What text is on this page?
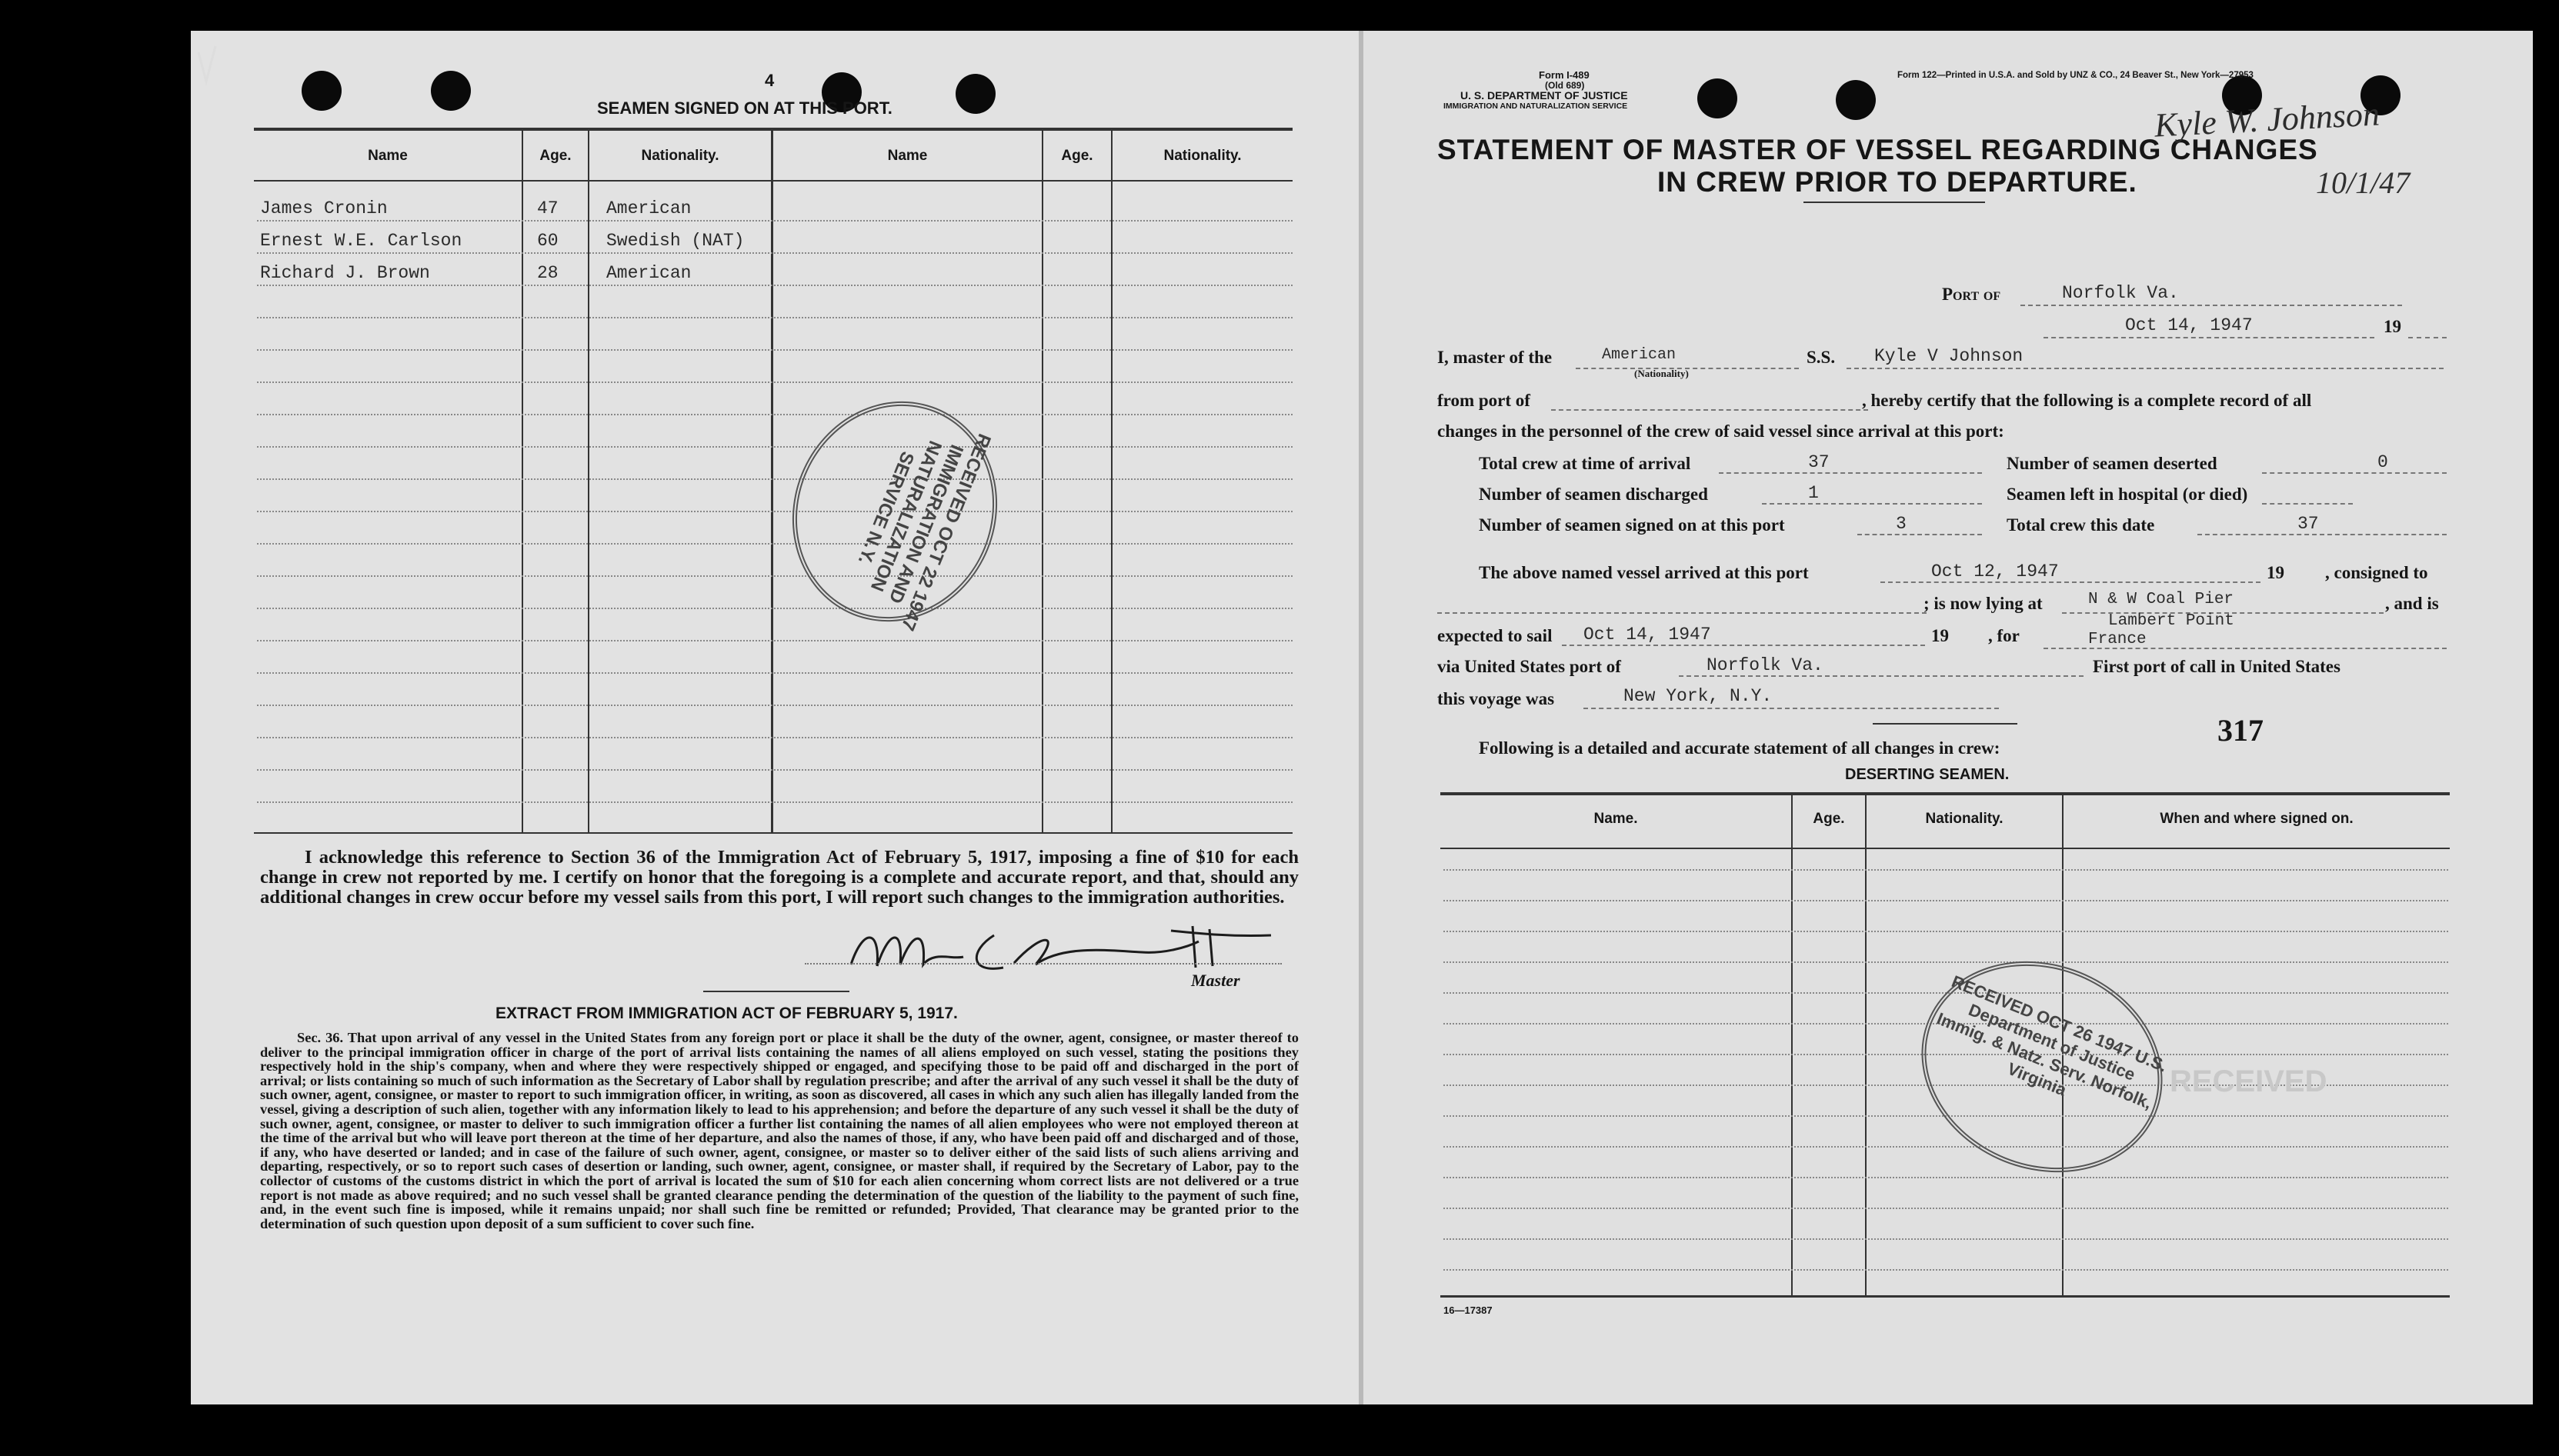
4
SEAMEN SIGNED ON AT THIS PORT.
Name	Age.	Nationality.	Name	Age.	Nationality.
James Cronin	47	American
Ernest W.E. Carlson	60	Swedish (NAT)
Richard J. Brown	28	American
RECEIVED OCT 22 1947 IMMIGRATION AND NATURALIZATION SERVICE N.Y.
I acknowledge this reference to Section 36 of the Immigration Act of February 5, 1917, imposing a fine of $10 for each change in crew not reported by me. I certify on honor that the foregoing is a complete and accurate report, and that, should any additional changes in crew occur before my vessel sails from this port, I will report such changes to the immigration authorities.
Master
EXTRACT FROM IMMIGRATION ACT OF FEBRUARY 5, 1917.
Sec. 36. That upon arrival of any vessel in the United States from any foreign port or place it shall be the duty of the owner, agent, consignee, or master thereof to deliver to the principal immigration officer in charge of the port of arrival lists containing the names of all aliens employed on such vessel, stating the positions they respectively hold in the ship's company, when and where they were respectively shipped or engaged, and specifying those to be paid off and discharged in the port of arrival; or lists containing so much of such information as the Secretary of Labor shall by regulation prescribe; and after the arrival of any such vessel it shall be the duty of such owner, agent, consignee, or master to report to such immigration officer, in writing, as soon as discovered, all cases in which any such alien has illegally landed from the vessel, giving a description of such alien, together with any information likely to lead to his apprehension; and before the departure of any such vessel it shall be the duty of such owner, agent, consignee, or master to deliver to such immigration officer a further list containing the names of all alien employees who were not employed thereon at the time of the arrival but who will leave port thereon at the time of her departure, and also the names of those, if any, who have been paid off and discharged and of those, if any, who have deserted or landed; and in case of the failure of such owner, agent, consignee, or master so to deliver either of the said lists of such aliens arriving and departing, respectively, or so to report such cases of desertion or landing, such owner, agent, consignee, or master shall, if required by the Secretary of Labor, pay to the collector of customs of the customs district in which the port of arrival is located the sum of $10 for each alien concerning whom correct lists are not delivered or a true report is not made as above required; and no such vessel shall be granted clearance pending the determination of the question of the liability to the payment of such fine, and, in the event such fine is imposed, while it remains unpaid; nor shall such fine be remitted or refunded; Provided, That clearance may be granted prior to the determination of such question upon deposit of a sum sufficient to cover such fine.
Form I-489
(Old 689)
U. S. DEPARTMENT OF JUSTICE
IMMIGRATION AND NATURALIZATION SERVICE
Form 122—Printed in U.S.A. and Sold by UNZ & CO., 24 Beaver St., New York—27953
STATEMENT OF MASTER OF VESSEL REGARDING CHANGES
IN CREW PRIOR TO DEPARTURE.
Kyle W. Johnson
10/1/47
Port of	Norfolk Va.
Oct 14, 1947	19
I, master of the	American
(Nationality)
S.S. Kyle V Johnson
from port of	, hereby certify that the following is a complete record of all
changes in the personnel of the crew of said vessel since arrival at this port:
Total crew at time of arrival	37	Number of seamen deserted	0
Number of seamen discharged	1	Seamen left in hospital (or died)
Number of seamen signed on at this port	3	Total crew this date	37
The above named vessel arrived at this port	Oct 12, 1947	19 , consigned to
; is now lying at	N & W Coal Pier	, and is
Lambert Point
expected to sail Oct 14, 1947	19 , for	France
via United States port of	Norfolk Va.	First port of call in United States
this voyage was	New York, N.Y.
317
Following is a detailed and accurate statement of all changes in crew:
DESERTING SEAMEN.
Name.	Age.	Nationality.	When and where signed on.
RECEIVED OCT 26 1947 U.S. Department of Justice Immig. & Natz. Serv. Norfolk, Virginia	RECEIVED
16—17387
